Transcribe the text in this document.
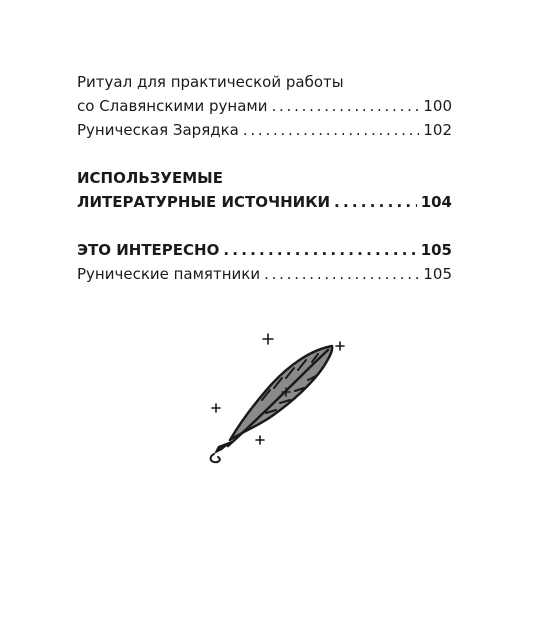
Ритуал для практической работы
со Славянскими рунами . . .	100
Руническая Зарядка . . .	102
ИСПОЛЬЗУЕМЫЕ
ЛИТЕРАТУРНЫЕ ИСТОЧНИКИ . . .	104
ЭТО ИНТЕРЕСНО . . .	105
Рунические памятники . . .	105
